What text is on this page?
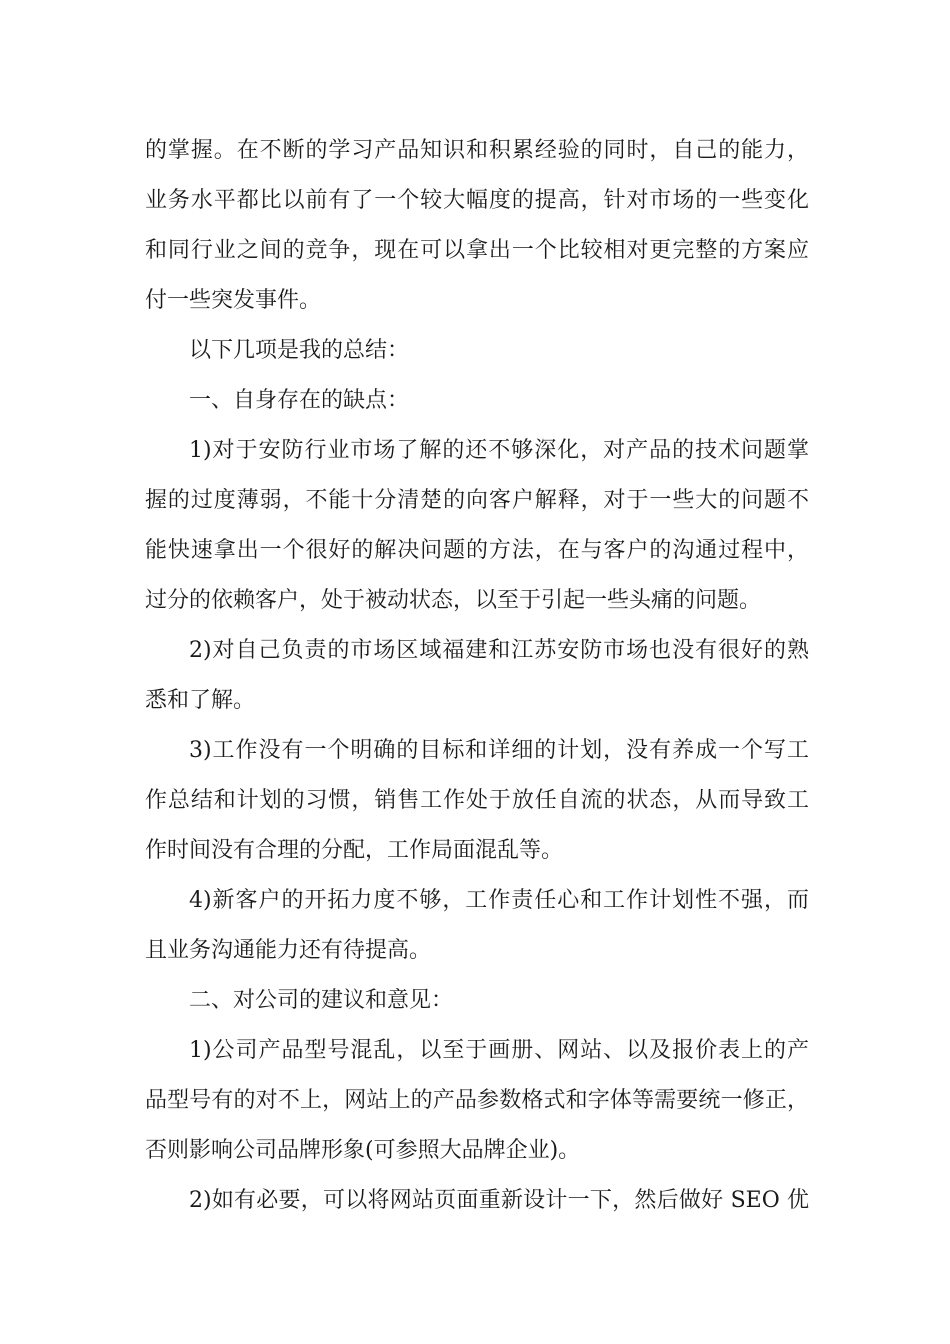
的掌握。在不断的学习产品知识和积累经验的同时，自己的能力，
业务水平都比以前有了一个较大幅度的提高，针对市场的一些变化
和同行业之间的竞争，现在可以拿出一个比较相对更完整的方案应
付一些突发事件。
以下几项是我的总结：
一、自身存在的缺点：
1)对于安防行业市场了解的还不够深化，对产品的技术问题掌
握的过度薄弱，不能十分清楚的向客户解释，对于一些大的问题不
能快速拿出一个很好的解决问题的方法，在与客户的沟通过程中，
过分的依赖客户，处于被动状态，以至于引起一些头痛的问题。
2)对自己负责的市场区域福建和江苏安防市场也没有很好的熟
悉和了解。
3)工作没有一个明确的目标和详细的计划，没有养成一个写工
作总结和计划的习惯，销售工作处于放任自流的状态，从而导致工
作时间没有合理的分配，工作局面混乱等。
4)新客户的开拓力度不够，工作责任心和工作计划性不强，而
且业务沟通能力还有待提高。
二、对公司的建议和意见：
1)公司产品型号混乱，以至于画册、网站、以及报价表上的产
品型号有的对不上，网站上的产品参数格式和字体等需要统一修正，
否则影响公司品牌形象(可参照大品牌企业)。
2)如有必要，可以将网站页面重新设计一下，然后做好 SEO 优
